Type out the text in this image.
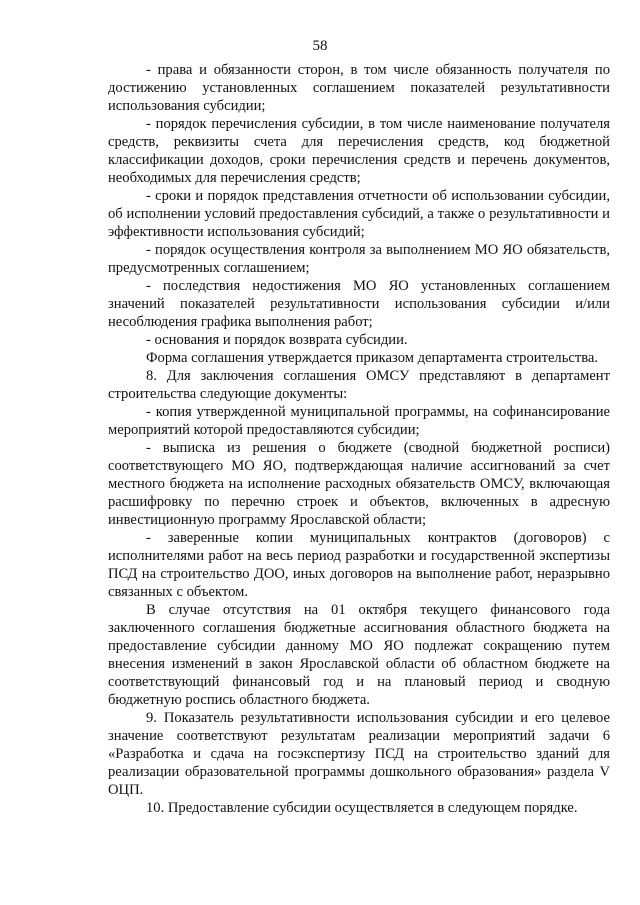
58

- права и обязанности сторон, в том числе обязанность получателя по достижению установленных соглашением показателей результативности использования субсидии;

- порядок перечисления субсидии, в том числе наименование получателя средств, реквизиты счета для перечисления средств, код бюджетной классификации доходов, сроки перечисления средств и перечень документов, необходимых для перечисления средств;

- сроки и порядок представления отчетности об использовании субсидии, об исполнении условий предоставления субсидий, а также о результативности и эффективности использования субсидий;

- порядок осуществления контроля за выполнением МО ЯО обязательств, предусмотренных соглашением;

- последствия недостижения МО ЯО установленных соглашением значений показателей результативности использования субсидии и/или несоблюдения графика выполнения работ;

- основания и порядок возврата субсидии.

Форма соглашения утверждается приказом департамента строительства.

8. Для заключения соглашения ОМСУ представляют в департамент строительства следующие документы:

- копия утвержденной муниципальной программы, на софинансирование мероприятий которой предоставляются субсидии;

- выписка из решения о бюджете (сводной бюджетной росписи) соответствующего МО ЯО, подтверждающая наличие ассигнований за счет местного бюджета на исполнение расходных обязательств ОМСУ, включающая расшифровку по перечню строек и объектов, включенных в адресную инвестиционную программу Ярославской области;

- заверенные копии муниципальных контрактов (договоров) с исполнителями работ на весь период разработки и государственной экспертизы ПСД на строительство ДОО, иных договоров на выполнение работ, неразрывно связанных с объектом.

В случае отсутствия на 01 октября текущего финансового года заключенного соглашения бюджетные ассигнования областного бюджета на предоставление субсидии данному МО ЯО подлежат сокращению путем внесения изменений в закон Ярославской области об областном бюджете на соответствующий финансовый год и на плановый период и сводную бюджетную роспись областного бюджета.

9. Показатель результативности использования субсидии и его целевое значение соответствуют результатам реализации мероприятий задачи 6 «Разработка и сдача на госэкспертизу ПСД на строительство зданий для реализации образовательной программы дошкольного образования» раздела V ОЦП.

10. Предоставление субсидии осуществляется в следующем порядке.
